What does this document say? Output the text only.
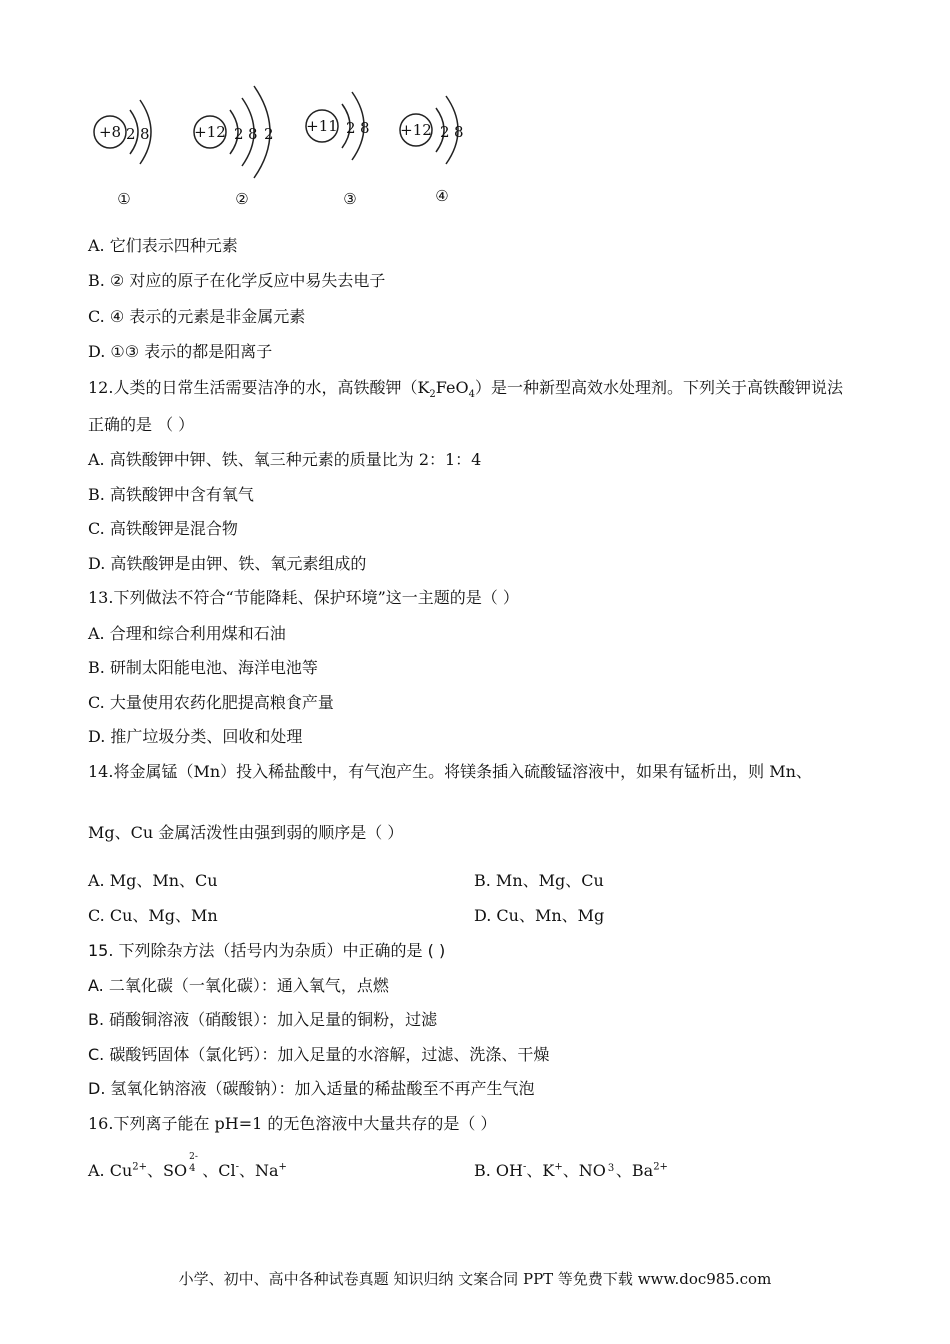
+8 2 8
①
+12 2 8 2
②
+11 2 8
③
+12 2 8
④
A. 它们表示四种元素
B. ② 对应的原子在化学反应中易失去电子
C. ④ 表示的元素是非金属元素
D. ①③ 表示的都是阳离子
12.人类的日常生活需要洁净的水，高铁酸钾$(K_2FeO_4)$是一种新型高效水处理剂。下列关于高铁酸钾说法
正确的是 （ ）
A. 高铁酸钾中钾、铁、氧三种元素的质量比为 2：1：4
B. 高铁酸钾中含有氧气
C. 高铁酸钾是混合物
D. 高铁酸钾是由钾、铁、氧元素组成的
13.下列做法不符合“节能降耗、保护环境”这一主题的是（ ）
A. 合理和综合利用煤和石油
B. 研制太阳能电池、海洋电池等
C. 大量使用农药化肥提高粮食产量
D. 推广垃圾分类、回收和处理
14.将金属锰（Mn）投入稀盐酸中，有气泡产生。将镁条插入硫酸锰溶液中，如果有锰析出，则 Mn、
Mg、Cu 金属活泼性由强到弱的顺序是（ ）
A. Mg、Mn、Cu	B. Mn、Mg、Cu
C. Cu、Mg、Mn	D. Cu、Mn、Mg
15. 下列除杂方法（括号内为杂质）中正确的是 ( )
A. 二氧化碳（一氧化碳）：通入氧气，点燃
B. 硝酸铜溶液（硝酸银）：加入足量的铜粉，过滤
C. 碳酸钙固体（氯化钙）：加入足量的水溶解，过滤、洗涤、干燥
D. 氢氧化钠溶液（碳酸钠）：加入适量的稀盐酸至不再产生气泡
16.下列离子能在 pH=1 的无色溶液中大量共存的是（ ）
A. $Cu^{2+}$、SO
2-
4 、Cl-、Na+	B. OH-、K+、NO 3 、$Ba^{2+}$
小学、初中、高中各种试卷真题 知识归纳 文案合同 PPT 等免费下载 www.doc985.com
